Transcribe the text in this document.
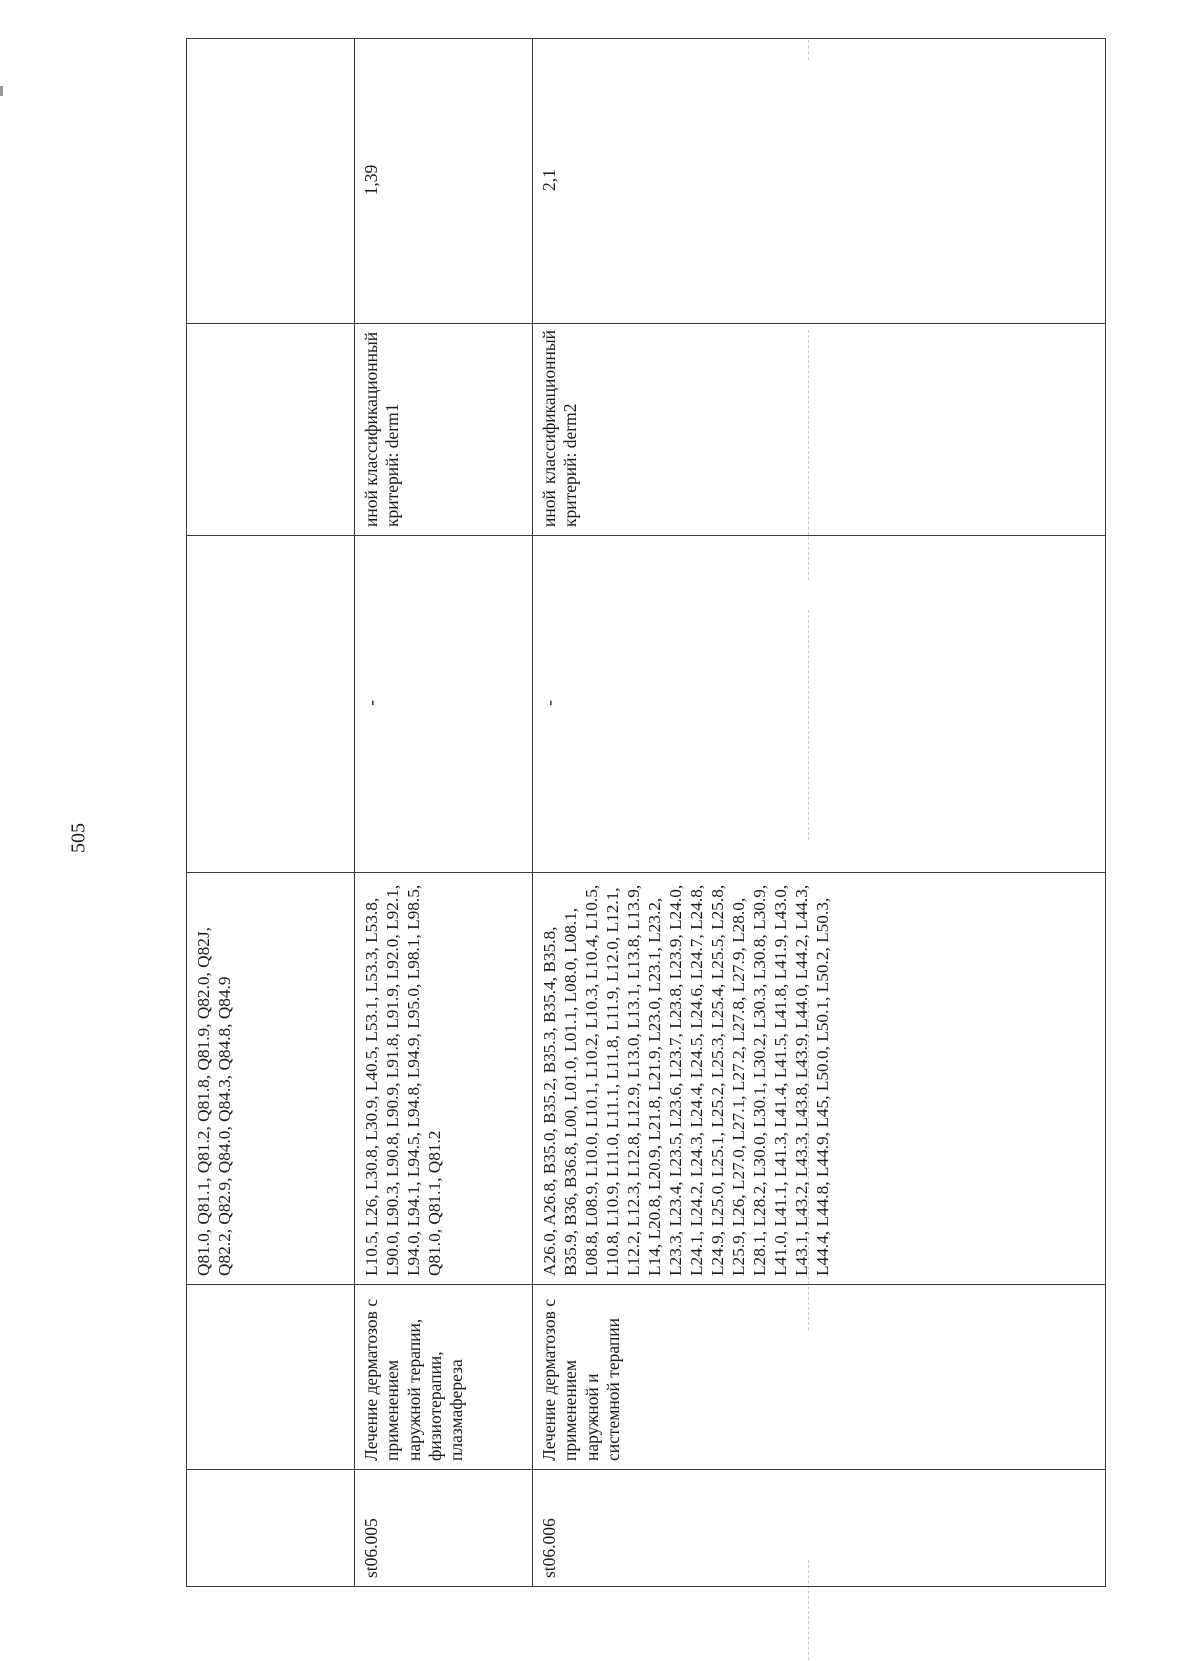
505
		Q81.0, Q81.1, Q81.2, Q81.8, Q81.9, Q82.0, Q82J, Q82.2, Q82.9, Q84.0, Q84.3, Q84.8, Q84.9			
st06.005	Лечение дерматозов с применением наружной терапии, физиотерапии, плазмафереза	L10.5, L26, L30.8, L30.9, L40.5, L53.1, L53.3, L53.8, L90.0, L90.3, L90.8, L90.9, L91.8, L91.9, L92.0, L92.1, L94.0, L94.1, L94.5, L94.8, L94.9, L95.0, L98.1, L98.5, Q81.0, Q81.1, Q81.2	-	иной классификационный критерий: derm1	1,39
st06.006	Лечение дерматозов с применением наружной и системной терапии	A26.0, A26.8, B35.0, B35.2, B35.3, B35.4, B35.8, B35.9, B36, B36.8, L00, L01.0, L01.1, L08.0, L08.1, L08.8, L08.9, L10.0, L10.1, L10.2, L10.3, L10.4, L10.5, L10.8, L10.9, L11.0, L11.1, L11.8, L11.9, L12.0, L12.1, L12.2, L12.3, L12.8, L12.9, L13.0, L13.1, L13.8, L13.9, L14, L20.8, L20.9, L21.8, L21.9, L23.0, L23.1, L23.2, L23.3, L23.4, L23.5, L23.6, L23.7, L23.8, L23.9, L24.0, L24.1, L24.2, L24.3, L24.4, L24.5, L24.6, L24.7, L24.8, L24.9, L25.0, L25.1, L25.2, L25.3, L25.4, L25.5, L25.8, L25.9, L26, L27.0, L27.1, L27.2, L27.8, L27.9, L28.0, L28.1, L28.2, L30.0, L30.1, L30.2, L30.3, L30.8, L30.9, L41.0, L41.1, L41.3, L41.4, L41.5, L41.8, L41.9, L43.0, L43.1, L43.2, L43.3, L43.8, L43.9, L44.0, L44.2, L44.3, L44.4, L44.8, L44.9, L45, L50.0, L50.1, L50.2, L50.3,	-	иной классификационный критерий: derm2	2,1
